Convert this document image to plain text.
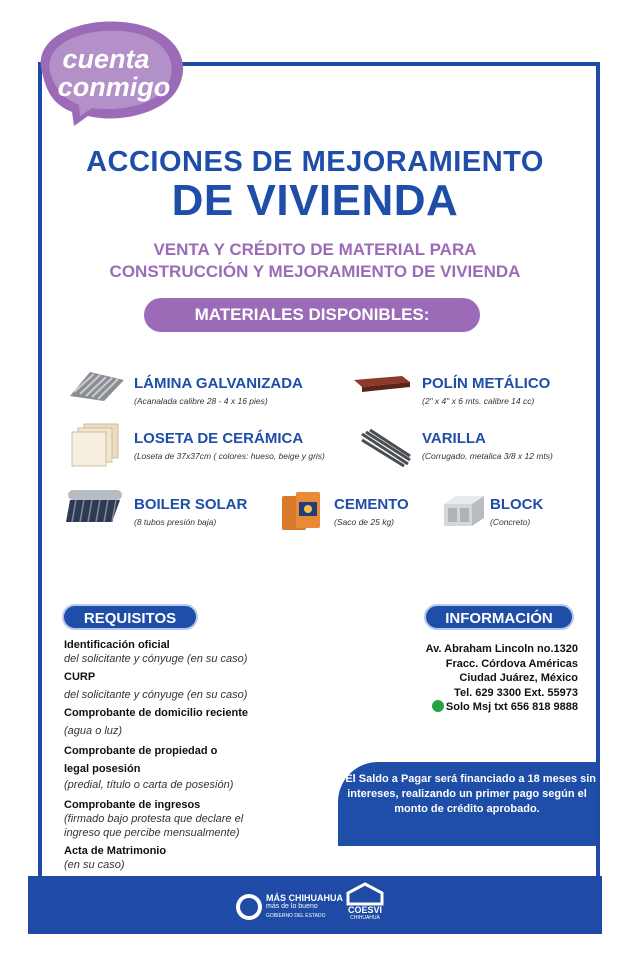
cuenta
conmigo
ACCIONES DE MEJORAMIENTO
DE VIVIENDA
VENTA Y CRÉDITO DE MATERIAL PARA
CONSTRUCCIÓN Y MEJORAMIENTO DE VIVIENDA
MATERIALES DISPONIBLES:
LÁMINA GALVANIZADA
(Acanalada calibre 28 - 4 x 16 pies)
POLÍN METÁLICO
(2" x 4" x 6 mts. calibre 14 cc)
LOSETA DE CERÁMICA
(Loseta de 37x37cm ( colores: hueso, beige y gris)
VARILLA
(Corrugado, metalica 3/8 x 12 mts)
BOILER SOLAR
(8 tubos presión baja)
CEMENTO
(Saco de 25 kg)
BLOCK
(Concreto)
REQUISITOS
Identificación oficial
del solicitante y cónyuge (en su caso)
CURP
del solicitante y cónyuge (en su caso)
Comprobante de domicilio reciente
(agua o luz)
Comprobante de propiedad o legal posesión
(predial, título o carta de posesión)
Comprobante de ingresos
(firmado bajo protesta que declare el ingreso que percibe mensualmente)
Acta de Matrimonio
(en su caso)
INFORMACIÓN
Av. Abraham Lincoln no.1320
Fracc. Córdova Américas
Ciudad Juárez, México
Tel. 629 3300 Ext. 55973
Solo Msj txt 656 818 9888
* El Saldo a Pagar será financiado a 18 meses sin intereses, realizando un primer pago según el monto de crédito aprobado.
MÁS CHIHUAHUA
más de lo bueno
GOBIERNO DEL ESTADO
COESVI
CHIHUAHUA
